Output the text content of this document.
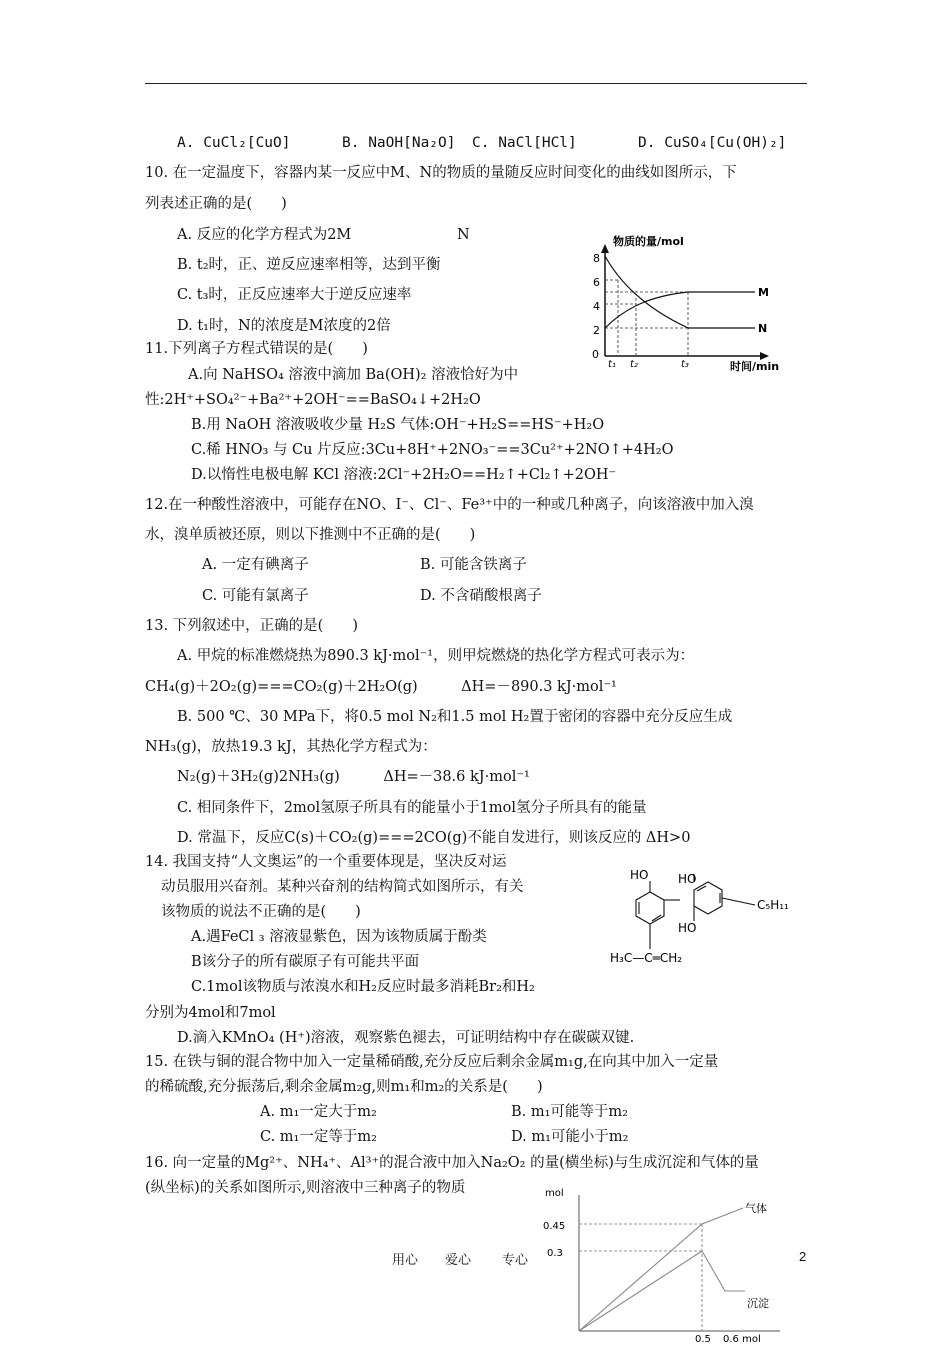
A. CuCl₂[CuO]	B. NaOH[Na₂O] C. NaCl[HCl]	D. CuSO₄[Cu(OH)₂]
10. 在一定温度下，容器内某一反应中M、N的物质的量随反应时间变化的曲线如图所示，下
列表述正确的是(　　)
A. 反应的化学方程式为2M	N
B. t₂时，正、逆反应速率相等，达到平衡
C. t₃时，正反应速率大于逆反应速率
D. t₁时，N的浓度是M浓度的2倍
物质的量/mol
时间/min
8
6
4
2
0
t₁ t₂	t₃
M
N
11.下列离子方程式错误的是(　　)
A.向 NaHSO₄ 溶液中滴加 Ba(OH)₂ 溶液恰好为中
性:2H⁺+SO₄²⁻+Ba²⁺+2OH⁻==BaSO₄↓+2H₂O
B.用 NaOH 溶液吸收少量 H₂S 气体:OH⁻+H₂S==HS⁻+H₂O
C.稀 HNO₃ 与 Cu 片反应:3Cu+8H⁺+2NO₃⁻==3Cu²⁺+2NO↑+4H₂O
D.以惰性电极电解 KCl 溶液:2Cl⁻+2H₂O==H₂↑+Cl₂↑+2OH⁻
12.在一种酸性溶液中，可能存在NO、I⁻、Cl⁻、Fe³⁺中的一种或几种离子，向该溶液中加入溴
水，溴单质被还原，则以下推测中不正确的是(　　)
A. 一定有碘离子	B. 可能含铁离子
C. 可能有氯离子	D. 不含硝酸根离子
13. 下列叙述中，正确的是(　　)
A. 甲烷的标准燃烧热为890.3 kJ·mol⁻¹，则甲烷燃烧的热化学方程式可表示为：
CH₄(g)＋2O₂(g)===CO₂(g)＋2H₂O(g)　　　ΔH=－890.3 kJ·mol⁻¹
B. 500 ℃、30 MPa下，将0.5 mol N₂和1.5 mol H₂置于密闭的容器中充分反应生成
NH₃(g)，放热19.3 kJ，其热化学方程式为：
N₂(g)＋3H₂(g)2NH₃(g)　　　ΔH=－38.6 kJ·mol⁻¹
C. 相同条件下，2mol氢原子所具有的能量小于1mol氢分子所具有的能量
D. 常温下，反应C(s)＋CO₂(g)===2CO(g)不能自发进行，则该反应的 ΔH>0
14. 我国支持“人文奥运”的一个重要体现是，坚决反对运
动员服用兴奋剂。某种兴奋剂的结构简式如图所示，有关
该物质的说法不正确的是(　　)
A.遇FeCl ₃ 溶液显紫色，因为该物质属于酚类
B该分子的所有碳原子有可能共平面
C.1mol该物质与浓溴水和H₂反应时最多消耗Br₂和H₂
分别为4mol和7mol
D.滴入KMnO₄ (H⁺)溶液，观察紫色褪去，可证明结构中存在碳碳双键.
HO HO
HO
C₅H₁₁
H₃C—C═CH₂
15. 在铁与铜的混合物中加入一定量稀硝酸,充分反应后剩余金属m₁g,在向其中加入一定量
的稀硫酸,充分振荡后,剩余金属m₂g,则m₁和m₂的关系是(　　)
A. m₁一定大于m₂	B. m₁可能等于m₂
C. m₁一定等于m₂	D. m₁可能小于m₂
16. 向一定量的Mg²⁺、NH₄⁺、Al³⁺的混合液中加入Na₂O₂ 的量(横坐标)与生成沉淀和气体的量
(纵坐标)的关系如图所示,则溶液中三种离子的物质	mol
0.45
0.3
0.5 0.6 mol
气体
沉淀
用心 爱心 专心	2
